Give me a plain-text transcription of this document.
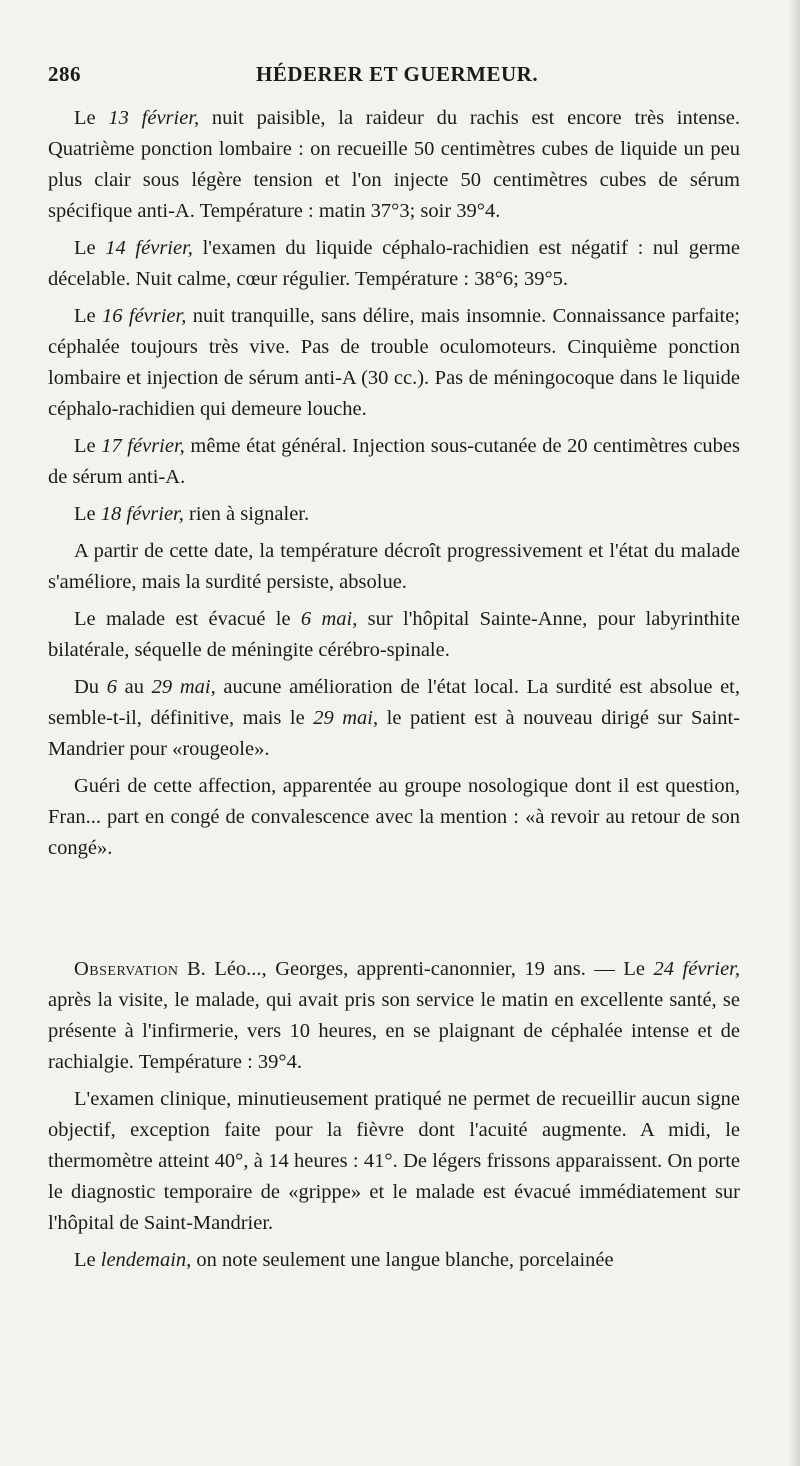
286	HÉDERER ET GUERMEUR.

Le 13 février, nuit paisible, la raideur du rachis est encore très intense. Quatrième ponction lombaire : on recueille 50 centimètres cubes de liquide un peu plus clair sous légère tension et l'on injecte 50 centimètres cubes de sérum spécifique anti-A. Température : matin 37°3; soir 39°4.

Le 14 février, l'examen du liquide céphalo-rachidien est négatif : nul germe décelable. Nuit calme, cœur régulier. Température : 38°6; 39°5.

Le 16 février, nuit tranquille, sans délire, mais insomnie. Connaissance parfaite; céphalée toujours très vive. Pas de trouble oculomoteurs. Cinquième ponction lombaire et injection de sérum anti-A (30 cc.). Pas de méningocoque dans le liquide céphalo-rachidien qui demeure louche.

Le 17 février, même état général. Injection sous-cutanée de 20 centimètres cubes de sérum anti-A.

Le 18 février, rien à signaler.

A partir de cette date, la température décroît progressivement et l'état du malade s'améliore, mais la surdité persiste, absolue.

Le malade est évacué le 6 mai, sur l'hôpital Sainte-Anne, pour labyrinthite bilatérale, séquelle de méningite cérébro-spinale.

Du 6 au 29 mai, aucune amélioration de l'état local. La surdité est absolue et, semble-t-il, définitive, mais le 29 mai, le patient est à nouveau dirigé sur Saint-Mandrier pour «rougeole».

Guéri de cette affection, apparentée au groupe nosologique dont il est question, Fran... part en congé de convalescence avec la mention : «à revoir au retour de son congé».

Observation B. Léo..., Georges, apprenti-canonnier, 19 ans. — Le 24 février, après la visite, le malade, qui avait pris son service le matin en excellente santé, se présente à l'infirmerie, vers 10 heures, en se plaignant de céphalée intense et de rachialgie. Température : 39°4.

L'examen clinique, minutieusement pratiqué ne permet de recueillir aucun signe objectif, exception faite pour la fièvre dont l'acuité augmente. A midi, le thermomètre atteint 40°, à 14 heures : 41°. De légers frissons apparaissent. On porte le diagnostic temporaire de «grippe» et le malade est évacué immédiatement sur l'hôpital de Saint-Mandrier.

Le lendemain, on note seulement une langue blanche, porcelainée
